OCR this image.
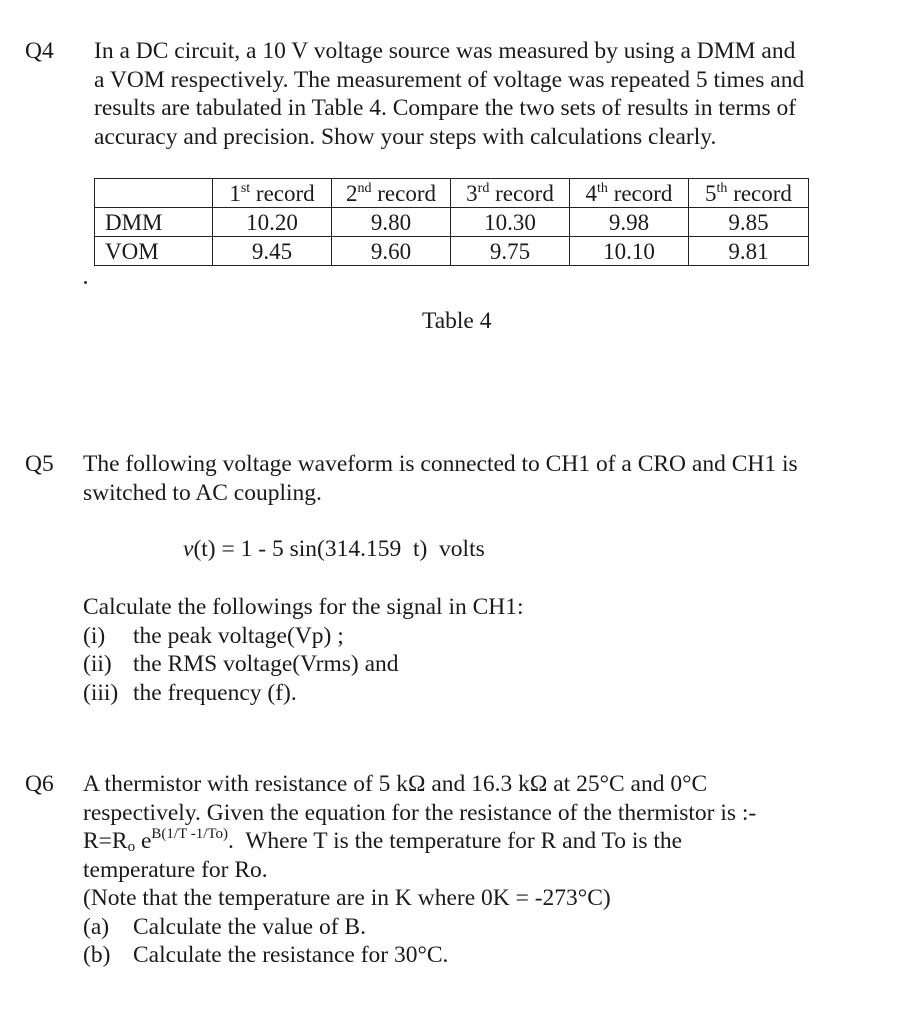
Q4 In a DC circuit, a 10 V voltage source was measured by using a DMM and

a VOM respectively. The measurement of voltage was repeated 5 times and

results are tabulated in Table 4. Compare the two sets of results in terms of

accuracy and precision. Show your steps with calculations clearly.

	1st record	2nd record	3rd record	4th record	5th record
DMM	10.20	9.80	10.30	9.98	9.85
VOM	9.45	9.60	9.75	10.10	9.81
Table 4
Q5 The following voltage waveform is connected to CH1 of a CRO and CH1 is

switched to AC coupling.

v(t) = 1 - 5 sin(314.159  t)  volts
Calculate the followings for the signal in CH1:
(i)	the peak voltage(Vp) ;
(ii) the RMS voltage(Vrms) and
(iii) the frequency (f).
Q6 A thermistor with resistance of 5 kΩ and 16.3 kΩ at 25°C and 0°C

respectively. Given the equation for the resistance of the thermistor is :-

$R=R_o$ $e^{B(1/T -1/To)}$.  Where T is the temperature for R and To is the

temperature for Ro.

(Note that the temperature are in K where 0K = -273°C)

(a)	Calculate the value of B.
(b) Calculate the resistance for 30°C.
